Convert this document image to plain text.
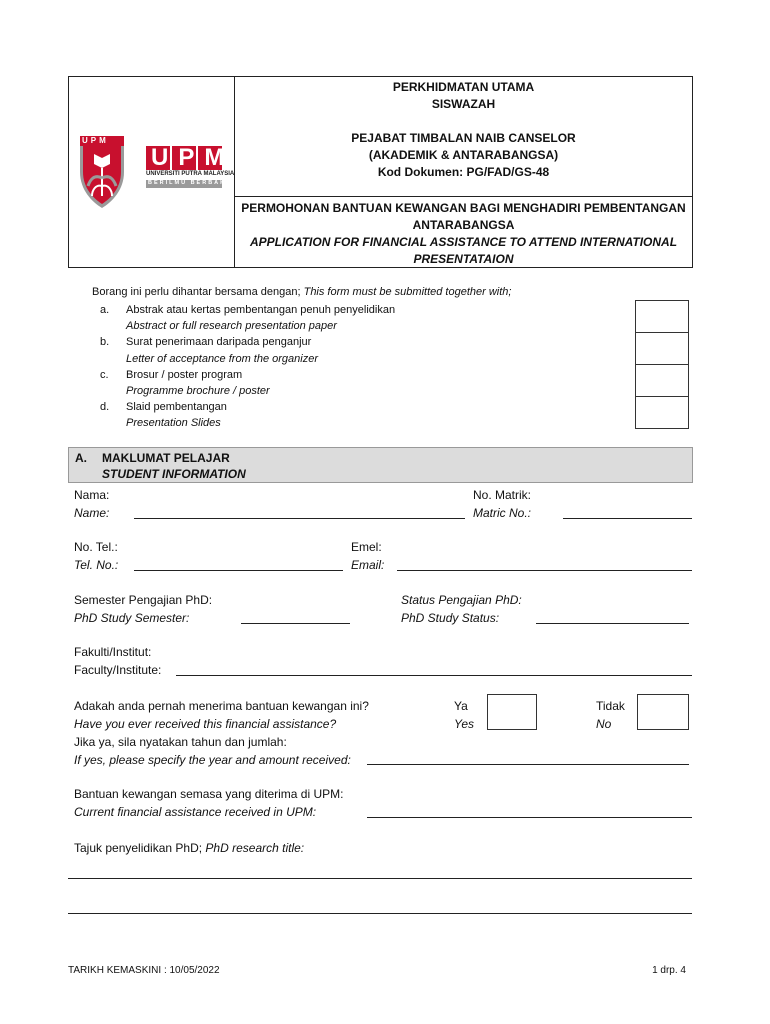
UPM
UPM
UNIVERSITI PUTRA MALAYSIA
BERILMU BERBAKTI
PERKHIDMATAN UTAMA
SISWAZAH
PEJABAT TIMBALAN NAIB CANSELOR
(AKADEMIK & ANTARABANGSA)
Kod Dokumen: PG/FAD/GS-48
PERMOHONAN BANTUAN KEWANGAN BAGI MENGHADIRI PEMBENTANGAN
ANTARABANGSA
APPLICATION FOR FINANCIAL ASSISTANCE TO ATTEND INTERNATIONAL
PRESENTATAION
Borang ini perlu dihantar bersama dengan; This form must be submitted together with;
a. Abstrak atau kertas pembentangan penuh penyelidikan
Abstract or full research presentation paper
b. Surat penerimaan daripada penganjur
Letter of acceptance from the organizer
c. Brosur / poster program
Programme brochure / poster
d. Slaid pembentangan
Presentation Slides
A. MAKLUMAT PELAJAR
STUDENT INFORMATION
Nama:
Name:
No. Matrik:
Matric No.:
No. Tel.:
Tel. No.:
Emel:
Email:
Semester Pengajian PhD:
PhD Study Semester:
Status Pengajian PhD:
PhD Study Status:
Fakulti/Institut:
Faculty/Institute:
Adakah anda pernah menerima bantuan kewangan ini?
Have you ever received this financial assistance?
Jika ya, sila nyatakan tahun dan jumlah:
If yes, please specify the year and amount received:
Ya
Yes
Tidak
No
Bantuan kewangan semasa yang diterima di UPM:
Current financial assistance received in UPM:
Tajuk penyelidikan PhD; PhD research title:
TARIKH KEMASKINI : 10/05/2022	1 drp. 4
